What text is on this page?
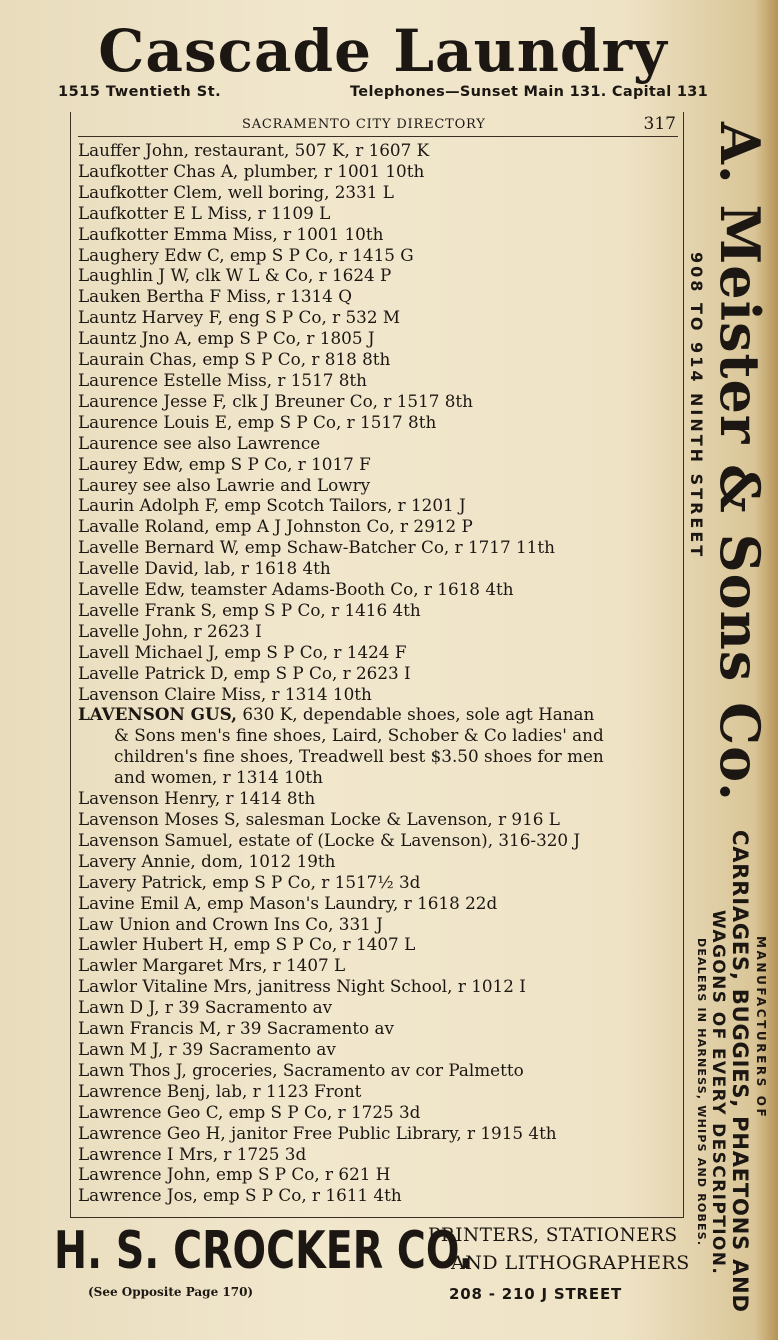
Cascade Laundry
1515 Twentieth St.	Telephones—Sunset Main 131. Capital 131
SACRAMENTO CITY DIRECTORY	317
Lauffer John, restaurant, 507 K, r 1607 K
Laufkotter Chas A, plumber, r 1001 10th
Laufkotter Clem, well boring, 2331 L
Laufkotter E L Miss, r 1109 L
Laufkotter Emma Miss, r 1001 10th
Laughery Edw C, emp S P Co, r 1415 G
Laughlin J W, clk W L & Co, r 1624 P
Lauken Bertha F Miss, r 1314 Q
Launtz Harvey F, eng S P Co, r 532 M
Launtz Jno A, emp S P Co, r 1805 J
Laurain Chas, emp S P Co, r 818 8th
Laurence Estelle Miss, r 1517 8th
Laurence Jesse F, clk J Breuner Co, r 1517 8th
Laurence Louis E, emp S P Co, r 1517 8th
Laurence see also Lawrence
Laurey Edw, emp S P Co, r 1017 F
Laurey see also Lawrie and Lowry
Laurin Adolph F, emp Scotch Tailors, r 1201 J
Lavalle Roland, emp A J Johnston Co, r 2912 P
Lavelle Bernard W, emp Schaw-Batcher Co, r 1717 11th
Lavelle David, lab, r 1618 4th
Lavelle Edw, teamster Adams-Booth Co, r 1618 4th
Lavelle Frank S, emp S P Co, r 1416 4th
Lavelle John, r 2623 I
Lavell Michael J, emp S P Co, r 1424 F
Lavelle Patrick D, emp S P Co, r 2623 I
Lavenson Claire Miss, r 1314 10th
LAVENSON GUS, 630 K, dependable shoes, sole agt Hanan
& Sons men's fine shoes, Laird, Schober & Co ladies' and
children's fine shoes, Treadwell best $3.50 shoes for men
and women, r 1314 10th
Lavenson Henry, r 1414 8th
Lavenson Moses S, salesman Locke & Lavenson, r 916 L
Lavenson Samuel, estate of (Locke & Lavenson), 316-320 J
Lavery Annie, dom, 1012 19th
Lavery Patrick, emp S P Co, r 1517½ 3d
Lavine Emil A, emp Mason's Laundry, r 1618 22d
Law Union and Crown Ins Co, 331 J
Lawler Hubert H, emp S P Co, r 1407 L
Lawler Margaret Mrs, r 1407 L
Lawlor Vitaline Mrs, janitress Night School, r 1012 I
Lawn D J, r 39 Sacramento av
Lawn Francis M, r 39 Sacramento av
Lawn M J, r 39 Sacramento av
Lawn Thos J, groceries, Sacramento av cor Palmetto
Lawrence Benj, lab, r 1123 Front
Lawrence Geo C, emp S P Co, r 1725 3d
Lawrence Geo H, janitor Free Public Library, r 1915 4th
Lawrence I Mrs, r 1725 3d
Lawrence John, emp S P Co, r 621 H
Lawrence Jos, emp S P Co, r 1611 4th
A. Meister & Sons Co.
908 TO 914 NINTH STREET
MANUFACTURERS OF
CARRIAGES, BUGGIES, PHAETONS AND
WAGONS OF EVERY DESCRIPTION.
DEALERS IN HARNESS, WHIPS AND ROBES.
H. S. CROCKER CO.
(See Opposite Page 170)
PRINTERS, STATIONERS
AND LITHOGRAPHERS
208 - 210 J STREET
